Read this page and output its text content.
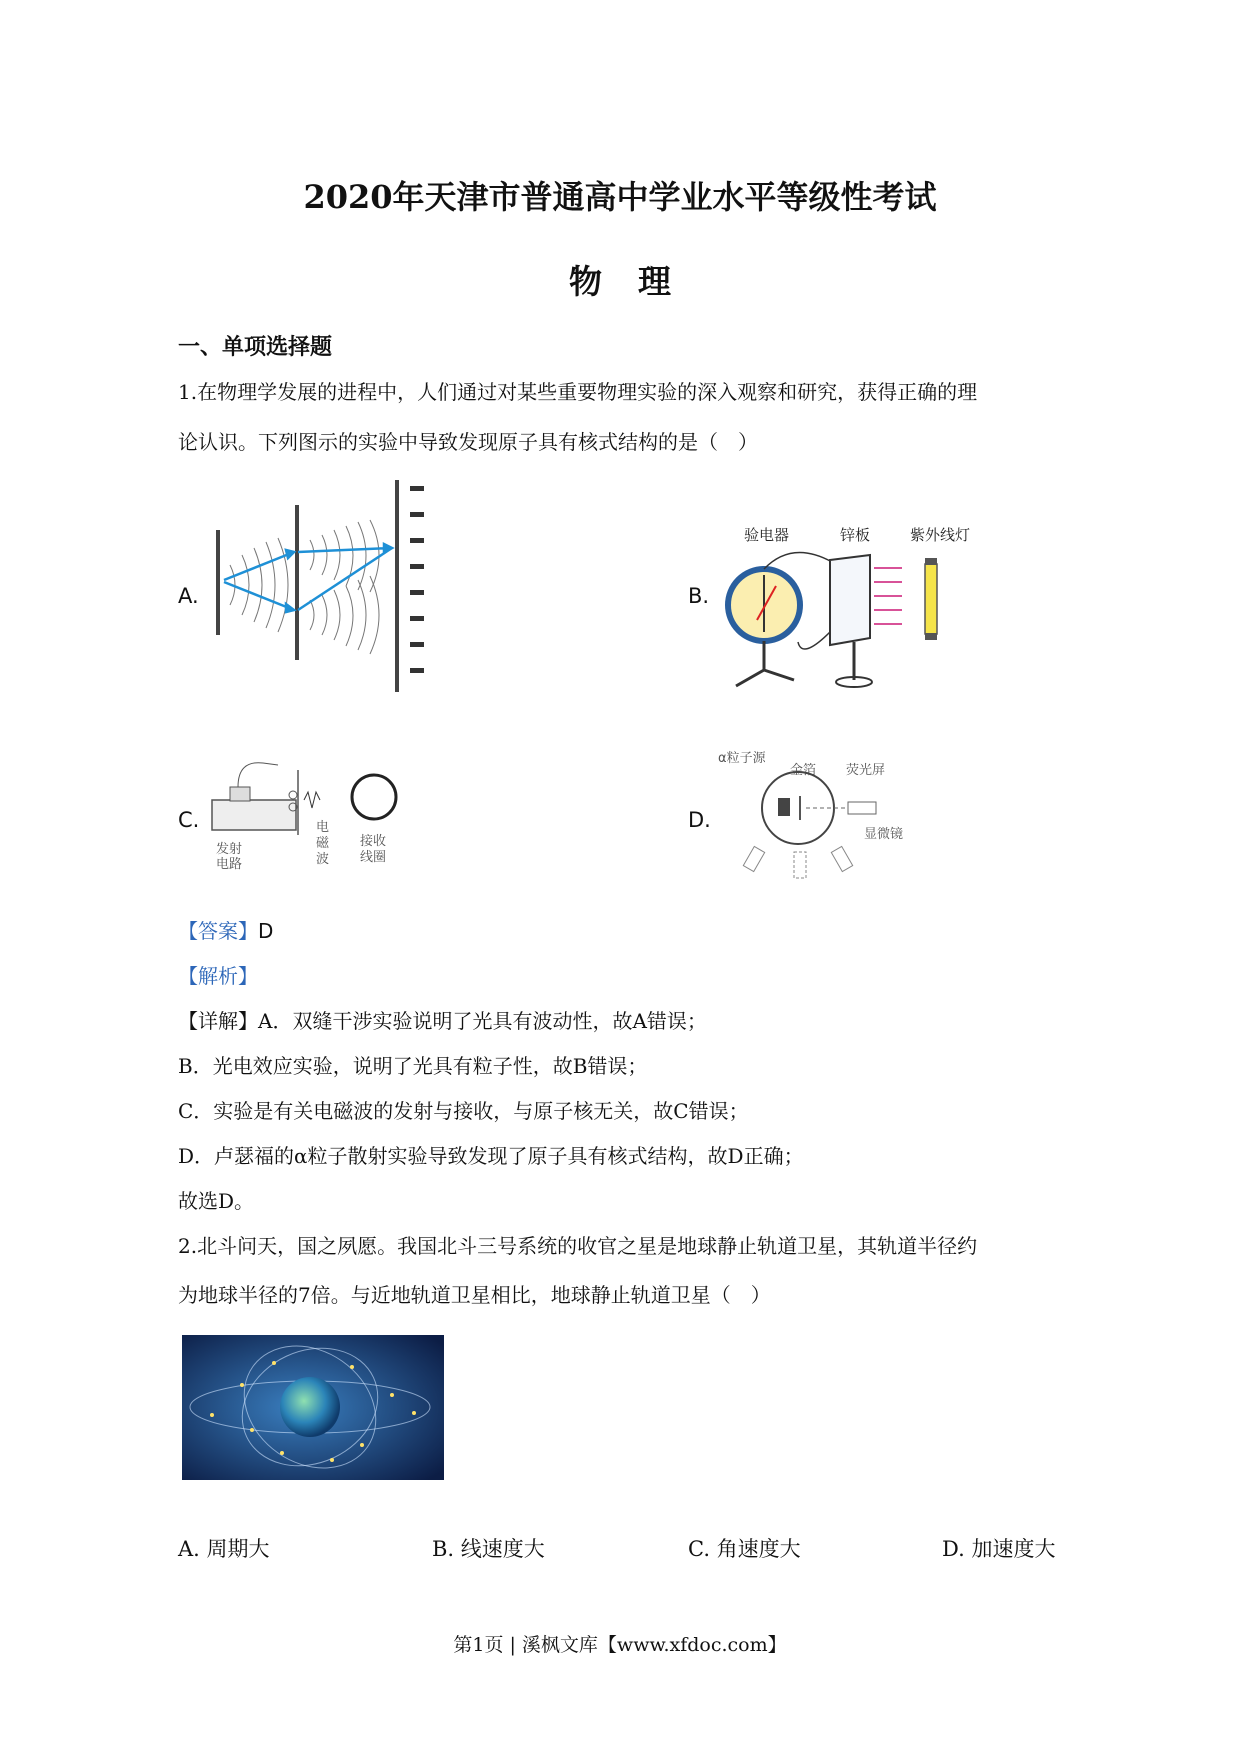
2020年天津市普通高中学业水平等级性考试
物理
一、单项选择题
1.在物理学发展的进程中，人们通过对某些重要物理实验的深入观察和研究，获得正确的理
论认识。下列图示的实验中导致发现原子具有核式结构的是（　）
A.	B.
验电器	锌板	紫外线灯
C.
发射
电路
电
磁
波
接收
线圈
D.
α粒子源
金箔 荧光屏
显微镜
【答案】D
【解析】
【详解】A．双缝干涉实验说明了光具有波动性，故A错误；
B．光电效应实验，说明了光具有粒子性，故B错误；
C．实验是有关电磁波的发射与接收，与原子核无关，故C错误；
D．卢瑟福的α粒子散射实验导致发现了原子具有核式结构，故D正确；
故选D。
2.北斗问天，国之夙愿。我国北斗三号系统的收官之星是地球静止轨道卫星，其轨道半径约
为地球半径的7倍。与近地轨道卫星相比，地球静止轨道卫星（　）
A. 周期大	B. 线速度大	C. 角速度大	D. 加速度大
第1页 | 溪枫文库【www.xfdoc.com】
